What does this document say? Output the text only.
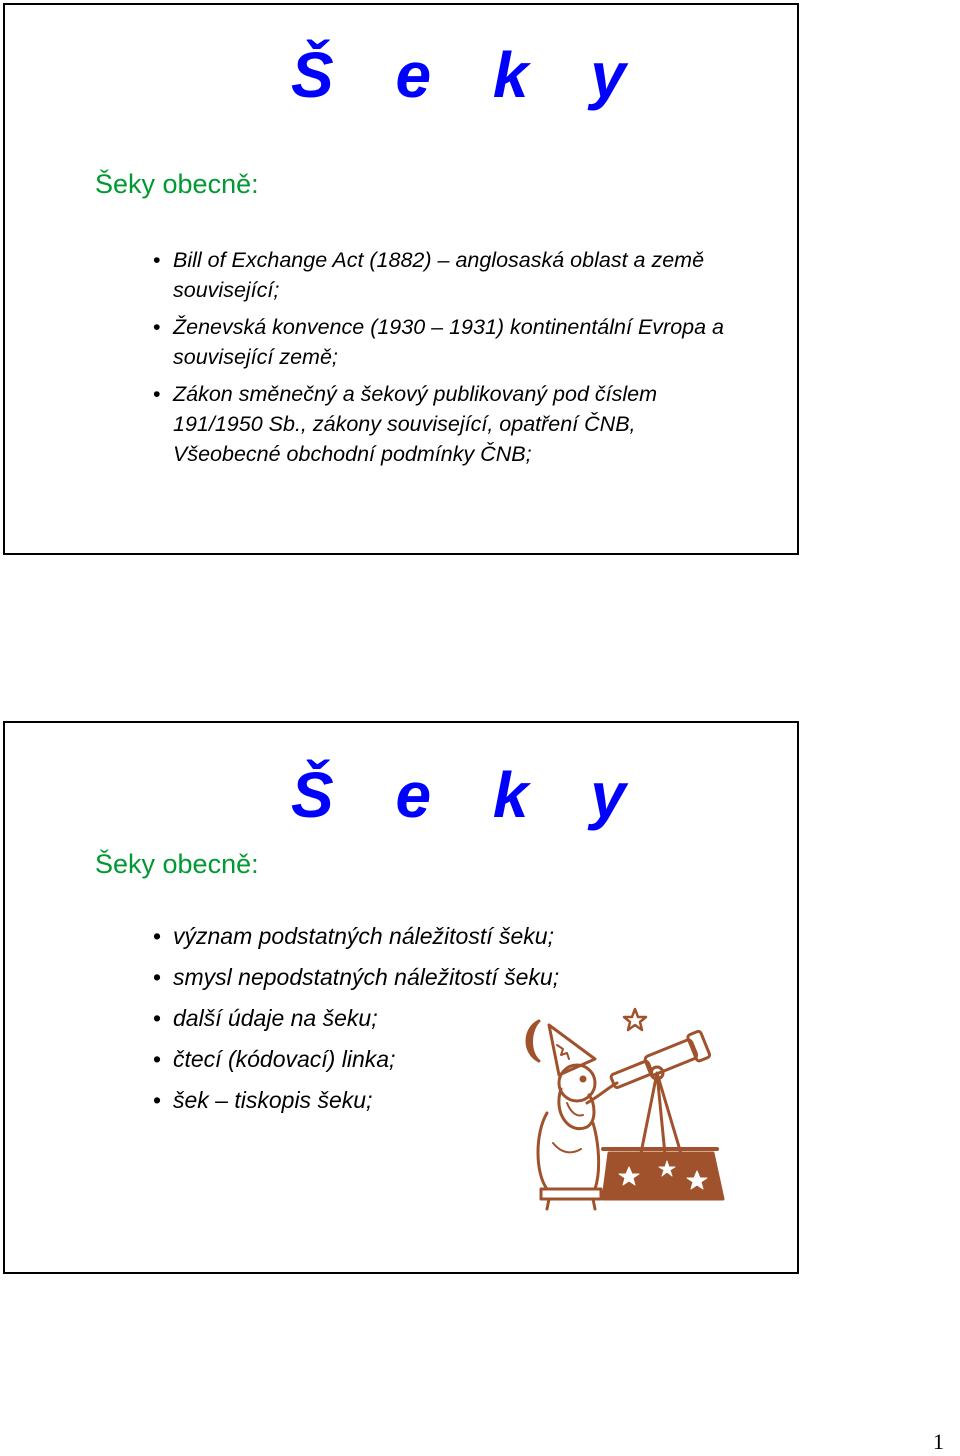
Š e k y
Šeky obecně:
• Bill of Exchange Act (1882) – anglosaská oblast a země související;
• Ženevská konvence (1930 – 1931) kontinentální Evropa a související země;
• Zákon směnečný a šekový publikovaný pod číslem 191/1950 Sb., zákony související, opatření ČNB, Všeobecné obchodní podmínky ČNB;
Š e k y
Šeky obecně:
• význam podstatných náležitostí šeku;
• smysl nepodstatných náležitostí šeku;
• další údaje na šeku;
• čtecí (kódovací) linka;
• šek – tiskopis šeku;
1
